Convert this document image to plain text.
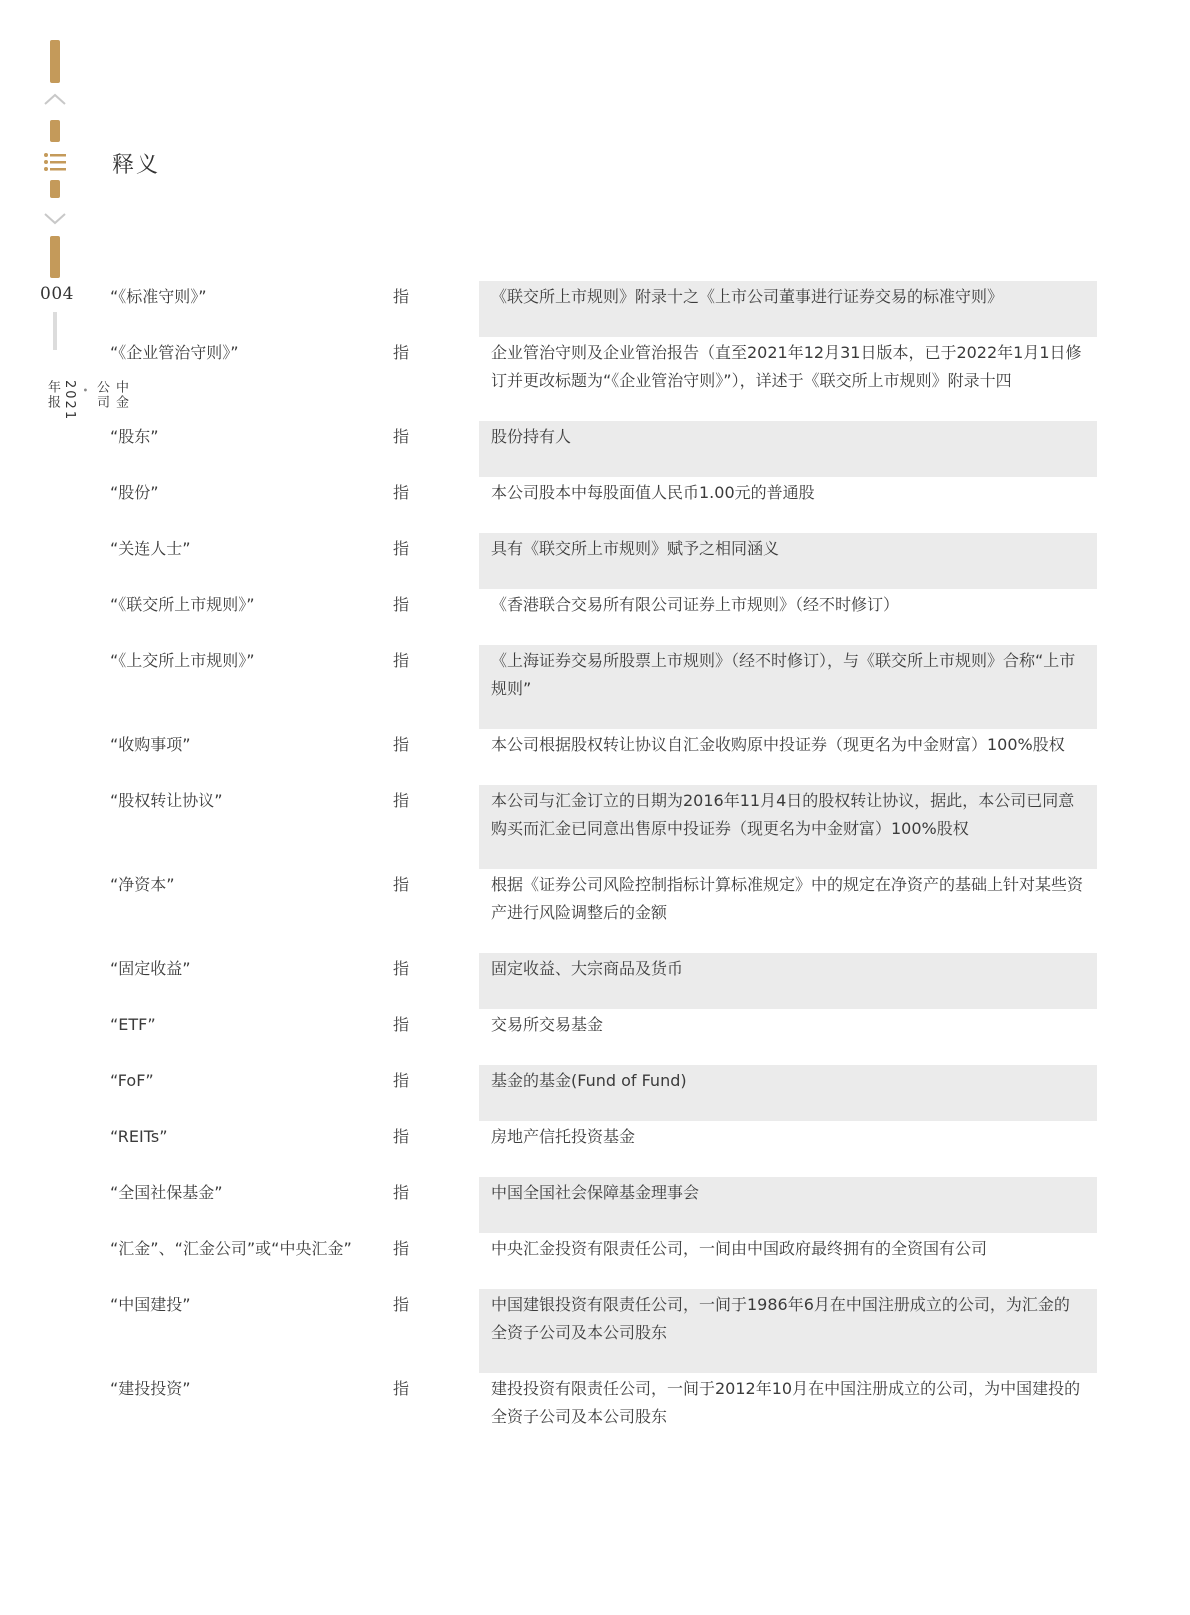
004
中金公司 • 2021 年报
释义
“《标准守则》”	指	《联交所上市规则》附录十之《上市公司董事进行证券交易的标准守则》
“《企业管治守则》”	指	企业管治守则及企业管治报告（直至2021年12月31日版本，已于2022年1月1日修订并更改标题为“《企业管治守则》”），详述于《联交所上市规则》附录十四
“股东”	指	股份持有人
“股份”	指	本公司股本中每股面值人民币1.00元的普通股
“关连人士”	指	具有《联交所上市规则》赋予之相同涵义
“《联交所上市规则》”	指	《香港联合交易所有限公司证券上市规则》（经不时修订）
“《上交所上市规则》”	指	《上海证券交易所股票上市规则》（经不时修订），与《联交所上市规则》合称“上市规则”
“收购事项”	指	本公司根据股权转让协议自汇金收购原中投证券（现更名为中金财富）100%股权
“股权转让协议”	指	本公司与汇金订立的日期为2016年11月4日的股权转让协议，据此，本公司已同意购买而汇金已同意出售原中投证券（现更名为中金财富）100%股权
“净资本”	指	根据《证券公司风险控制指标计算标准规定》中的规定在净资产的基础上针对某些资产进行风险调整后的金额
“固定收益”	指	固定收益、大宗商品及货币
“ETF”	指	交易所交易基金
“FoF”	指	基金的基金(Fund of Fund)
“REITs”	指	房地产信托投资基金
“全国社保基金”	指	中国全国社会保障基金理事会
“汇金”、“汇金公司”或“中央汇金”	指	中央汇金投资有限责任公司，一间由中国政府最终拥有的全资国有公司
“中国建投”	指	中国建银投资有限责任公司，一间于1986年6月在中国注册成立的公司，为汇金的全资子公司及本公司股东
“建投投资”	指	建投投资有限责任公司，一间于2012年10月在中国注册成立的公司，为中国建投的全资子公司及本公司股东
